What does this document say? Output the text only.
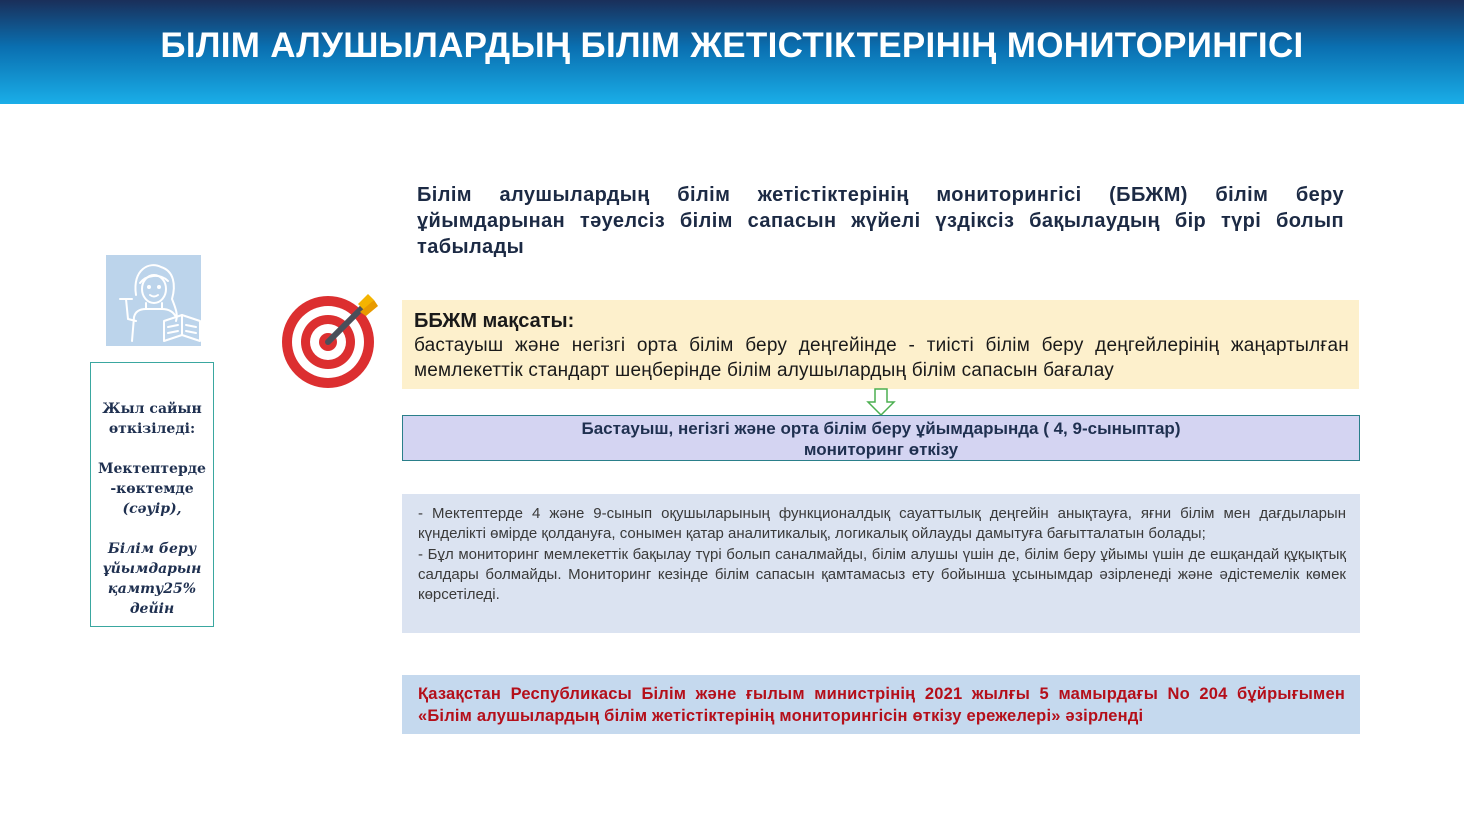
БІЛІМ АЛУШЫЛАРДЫҢ БІЛІМ ЖЕТІСТІКТЕРІНІҢ МОНИТОРИНГІСІ
Білім алушылардың білім жетістіктерінің мониторингісі (ББЖМ) білім беру ұйымдарынан тәуелсіз білім сапасын жүйелі үздіксіз бақылаудың бір түрі болып табылады

Жыл сайын өткізіледі:

Мектептерде -көктемде

(сәуір),

Білім беру ұйымдарын қамту25% дейін

ББЖМ мақсаты:
бастауыш және негізгі орта білім беру деңгейінде - тиісті білім беру деңгейлерінің жаңартылған мемлекеттік стандарт шеңберінде білім алушылардың білім сапасын бағалау
Бастауыш, негізгі және орта білім беру ұйымдарында ( 4, 9-сыныптар)
мониторинг өткізу

- Мектептерде 4 және 9-сынып оқушыларының функционалдық сауаттылық деңгейін анықтауға, яғни білім мен дағдыларын күнделікті өмірде қолдануға, сонымен қатар аналитикалық, логикалық ойлауды дамытуға бағытталатын болады;

- Бұл мониторинг мемлекеттік бақылау түрі болып саналмайды, білім алушы үшін де, білім беру ұйымы үшін де ешқандай құқықтық салдары болмайды. Мониторинг кезінде білім сапасын қамтамасыз ету бойынша ұсынымдар әзірленеді және әдістемелік көмек көрсетіледі.

Қазақстан Республикасы Білім және ғылым министрінің 2021 жылғы 5 мамырдағы No 204 бұйрығымен «Білім алушылардың білім жетістіктерінің мониторингісін өткізу ережелері» әзірленді
